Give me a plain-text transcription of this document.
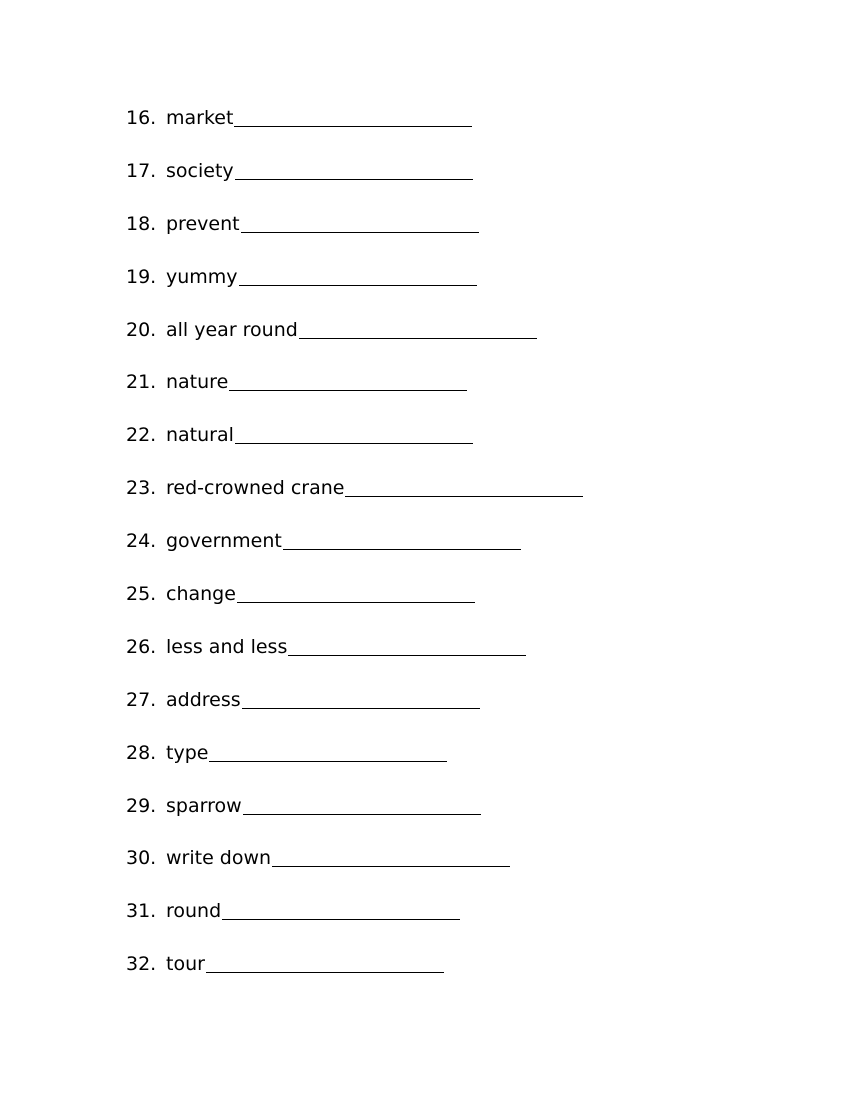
16. market
17. society
18. prevent
19. yummy
20. all year round
21. nature
22. natural
23. red-crowned crane
24. government
25. change
26. less and less
27. address
28. type
29. sparrow
30. write down
31. round
32. tour
